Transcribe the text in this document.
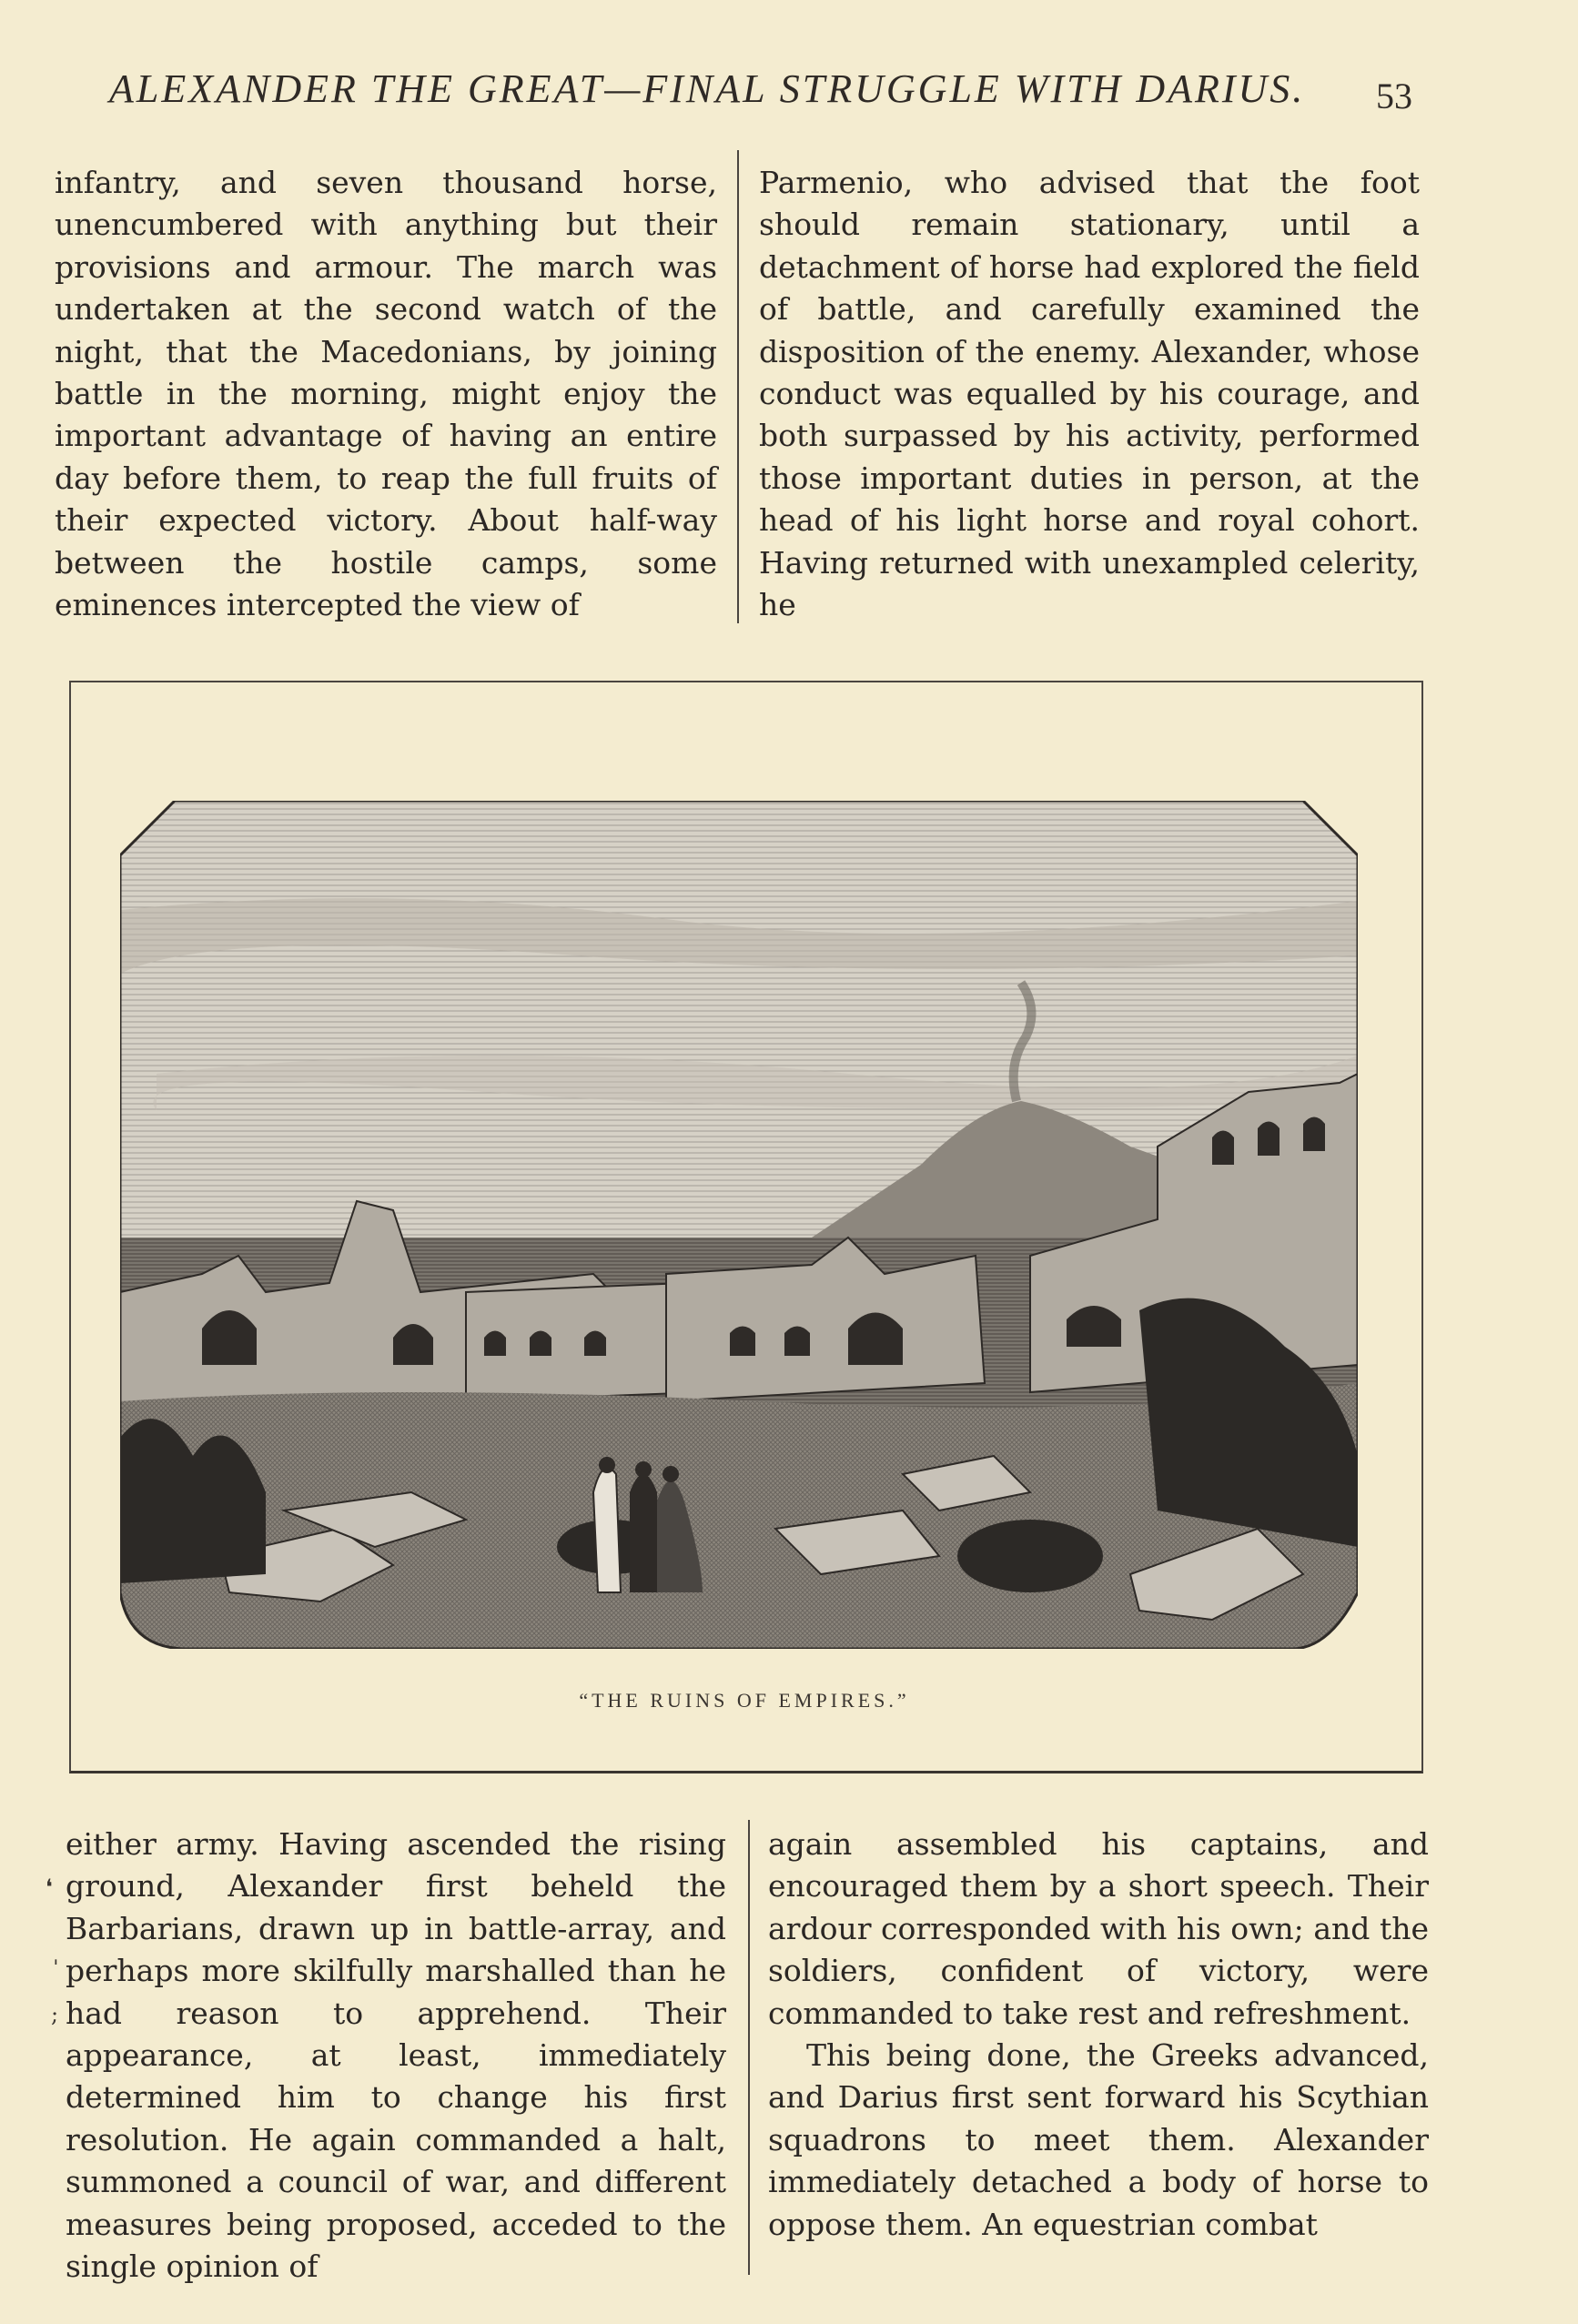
ALEXANDER THE GREAT—FINAL STRUGGLE WITH DARIUS.	53

infantry, and seven thousand horse, unencumbered with anything but their provisions and armour. The march was undertaken at the second watch of the night, that the Macedonians, by joining battle in the morning, might enjoy the important advantage of having an entire day before them, to reap the full fruits of their expected victory. About half-way between the hostile camps, some eminences intercepted the view of

Parmenio, who advised that the foot should remain stationary, until a detachment of horse had explored the field of battle, and carefully examined the disposition of the enemy. Alexander, whose conduct was equalled by his courage, and both surpassed by his activity, performed those important duties in person, at the head of his light horse and royal cohort. Having returned with unexampled celerity, he

“THE RUINS OF EMPIRES.”

either army. Having ascended the rising ground, Alexander first beheld the Barbarians, drawn up in battle-array, and perhaps more skilfully marshalled than he had reason to apprehend. Their appearance, at least, immediately determined him to change his first resolution. He again commanded a halt, summoned a council of war, and different measures being proposed, acceded to the single opinion of

❛
ˈ
;

again assembled his captains, and encouraged them by a short speech. Their ardour corresponded with his own; and the soldiers, confident of victory, were commanded to take rest and refreshment.

This being done, the Greeks advanced, and Darius first sent forward his Scythian squadrons to meet them. Alexander immediately detached a body of horse to oppose them. An equestrian combat
